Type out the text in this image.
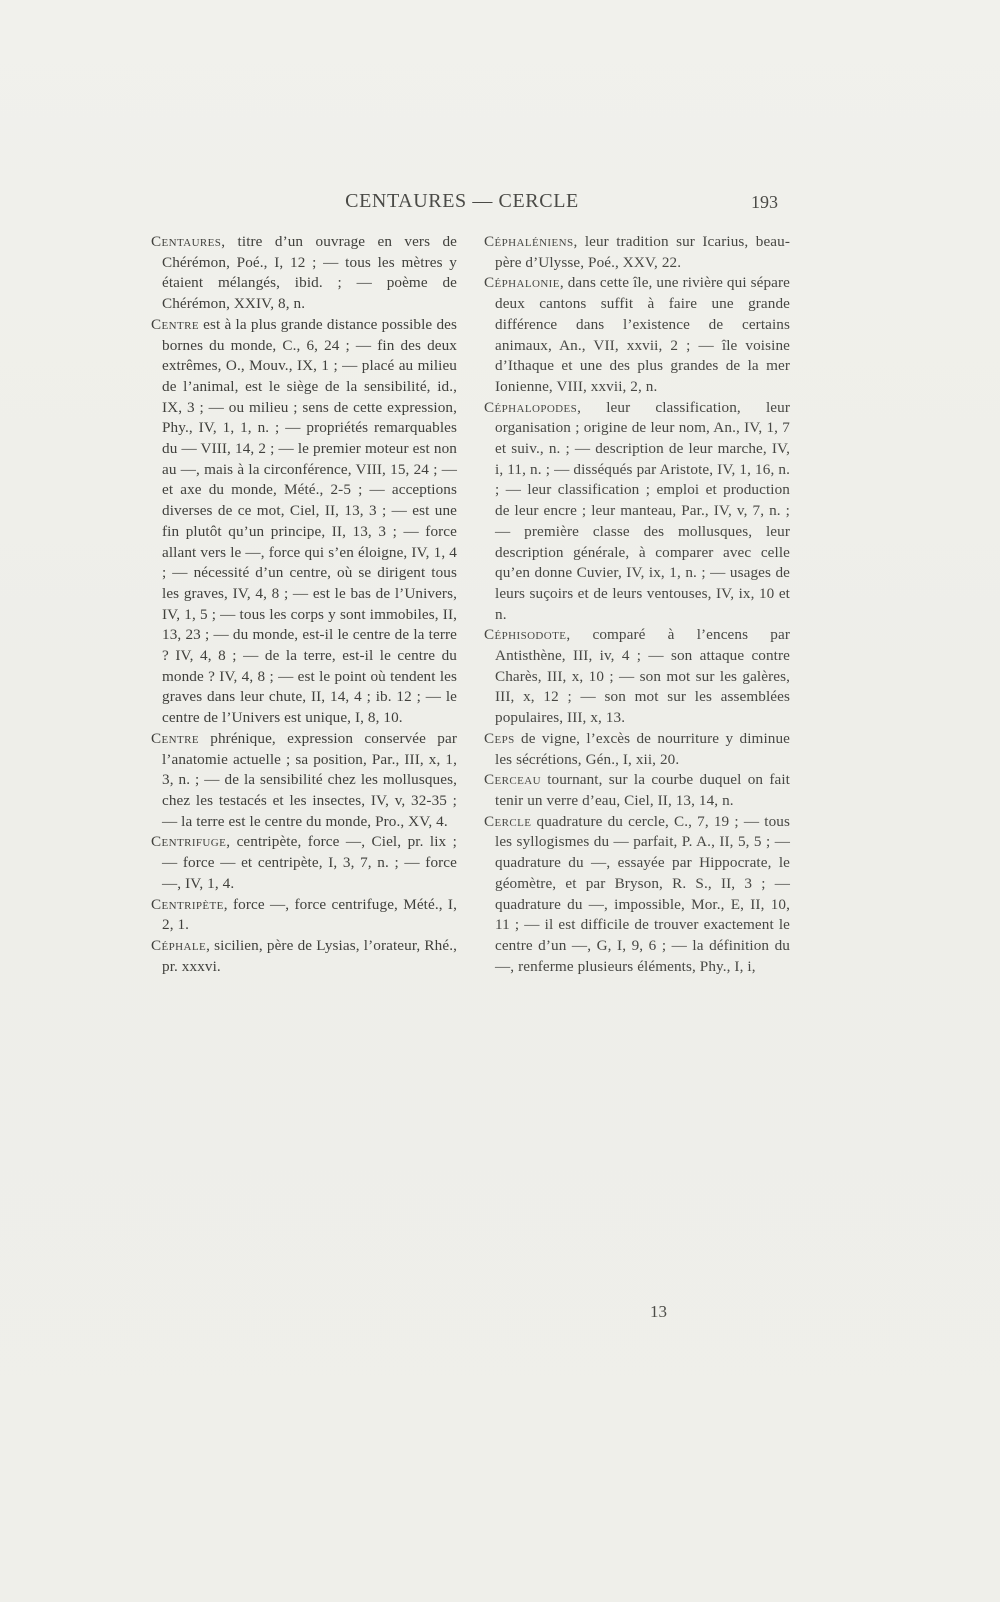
CENTAURES — CERCLE	193

Centaures, titre d’un ouvrage en vers de Chérémon, Poé., I, 12 ; — tous les mètres y étaient mélangés, ibid. ; — poème de Chérémon, XXIV, 8, n.

Centre est à la plus grande distance possible des bornes du monde, C., 6, 24 ; — fin des deux extrêmes, O., Mouv., IX, 1 ; — placé au milieu de l’animal, est le siège de la sensibilité, id., IX, 3 ; — ou milieu ; sens de cette expression, Phy., IV, 1, 1, n. ; — propriétés remarquables du — VIII, 14, 2 ; — le premier moteur est non au —, mais à la circonférence, VIII, 15, 24 ; — et axe du monde, Mété., 2-5 ; — acceptions diverses de ce mot, Ciel, II, 13, 3 ; — est une fin plutôt qu’un principe, II, 13, 3 ; — force allant vers le —, force qui s’en éloigne, IV, 1, 4 ; — nécessité d’un centre, où se dirigent tous les graves, IV, 4, 8 ; — est le bas de l’Univers, IV, 1, 5 ; — tous les corps y sont immobiles, II, 13, 23 ; — du monde, est-il le centre de la terre ? IV, 4, 8 ; — de la terre, est-il le centre du monde ? IV, 4, 8 ; — est le point où tendent les graves dans leur chute, II, 14, 4 ; ib. 12 ; — le centre de l’Univers est unique, I, 8, 10.

Centre phrénique, expression conservée par l’anatomie actuelle ; sa position, Par., III, x, 1, 3, n. ; — de la sensibilité chez les mollusques, chez les testacés et les insectes, IV, v, 32-35 ; — la terre est le centre du monde, Pro., XV, 4.

Centrifuge, centripète, force —, Ciel, pr. lix ; — force — et centripète, I, 3, 7, n. ; — force —, IV, 1, 4.

Centripète, force —, force centrifuge, Mété., I, 2, 1.

Céphale, sicilien, père de Lysias, l’orateur, Rhé., pr. xxxvi.

Céphaléniens, leur tradition sur Icarius, beau-père d’Ulysse, Poé., XXV, 22.

Céphalonie, dans cette île, une rivière qui sépare deux cantons suffit à faire une grande différence dans l’existence de certains animaux, An., VII, xxvii, 2 ; — île voisine d’Ithaque et une des plus grandes de la mer Ionienne, VIII, xxvii, 2, n.

Céphalopodes, leur classification, leur organisation ; origine de leur nom, An., IV, 1, 7 et suiv., n. ; — description de leur marche, IV, i, 11, n. ; — disséqués par Aristote, IV, 1, 16, n. ; — leur classification ; emploi et production de leur encre ; leur manteau, Par., IV, v, 7, n. ; — première classe des mollusques, leur description générale, à comparer avec celle qu’en donne Cuvier, IV, ix, 1, n. ; — usages de leurs suçoirs et de leurs ventouses, IV, ix, 10 et n.

Céphisodote, comparé à l’encens par Antisthène, III, iv, 4 ; — son attaque contre Charès, III, x, 10 ; — son mot sur les galères, III, x, 12 ; — son mot sur les assemblées populaires, III, x, 13.

Ceps de vigne, l’excès de nourriture y diminue les sécrétions, Gén., I, xii, 20.

Cerceau tournant, sur la courbe duquel on fait tenir un verre d’eau, Ciel, II, 13, 14, n.

Cercle quadrature du cercle, C., 7, 19 ; — tous les syllogismes du — parfait, P. A., II, 5, 5 ; — quadrature du —, essayée par Hippocrate, le géomètre, et par Bryson, R. S., II, 3 ; — quadrature du —, impossible, Mor., E, II, 10, 11 ; — il est difficile de trouver exactement le centre d’un —, G, I, 9, 6 ; — la définition du —, renferme plusieurs éléments, Phy., I, i,

13
